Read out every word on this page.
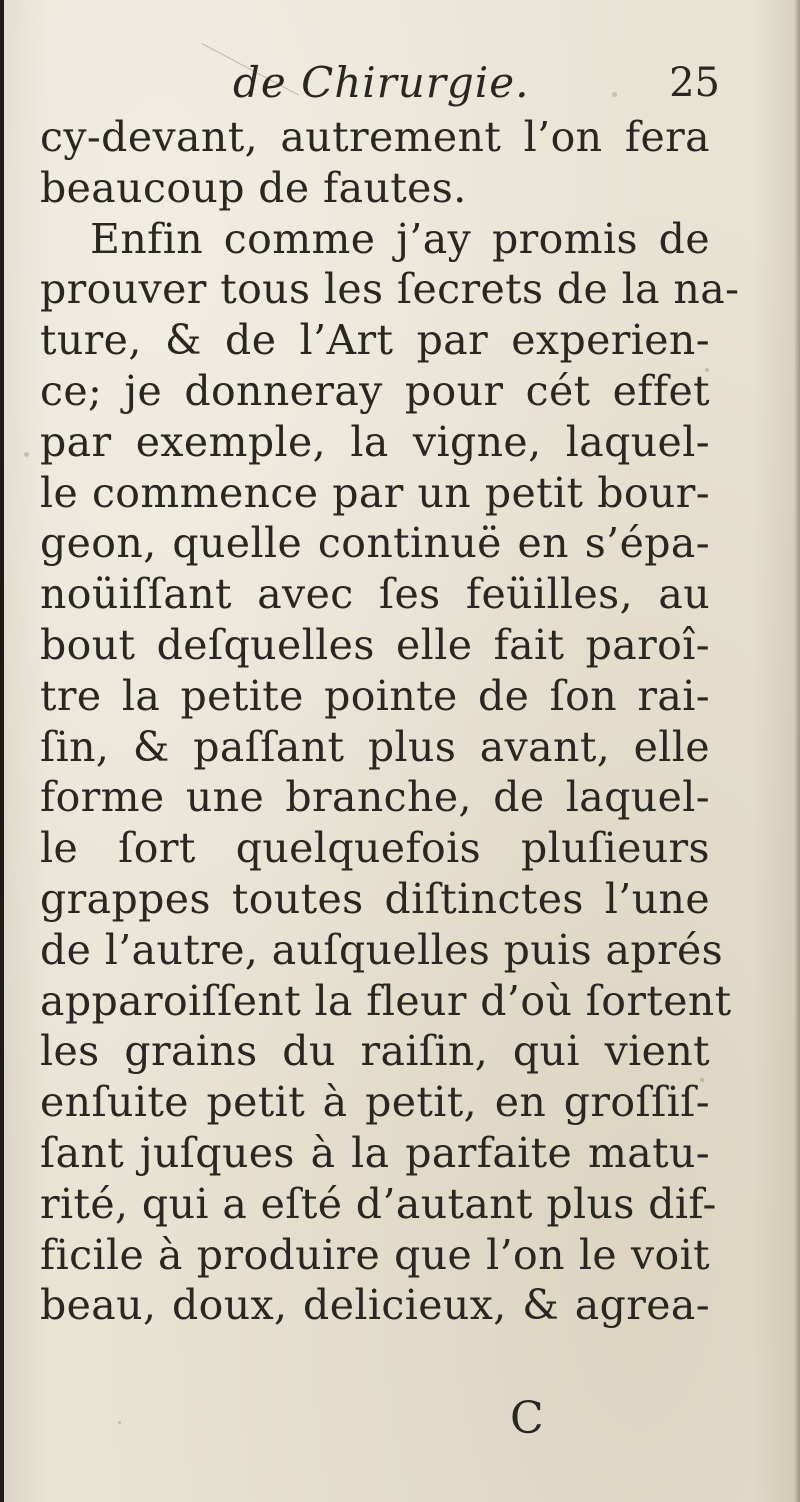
de Chirurgie.	25
cy-devant, autrement l’on fera
beaucoup de fautes.
Enfin comme j’ay promis de
prouver tous les ſecrets de la na-
ture, & de l’Art par experien-
ce; je donneray pour cét effet
par exemple, la vigne, laquel-
le commence par un petit bour-
geon, quelle continuë en s’épa-
noüiſſant avec ſes feüilles, au
bout deſquelles elle fait paroî-
tre la petite pointe de ſon rai-
ſin, & paſſant plus avant, elle
forme une branche, de laquel-
le ſort quelquefois pluſieurs
grappes toutes diſtinctes l’une
de l’autre, auſquelles puis aprés
apparoiſſent la fleur d’où ſortent
les grains du raiſin, qui vient
enſuite petit à petit, en groſſiſ-
ſant juſques à la parfaite matu-
rité, qui a eſté d’autant plus dif-
ficile à produire que l’on le voit
beau, doux, delicieux, & agrea-
C
